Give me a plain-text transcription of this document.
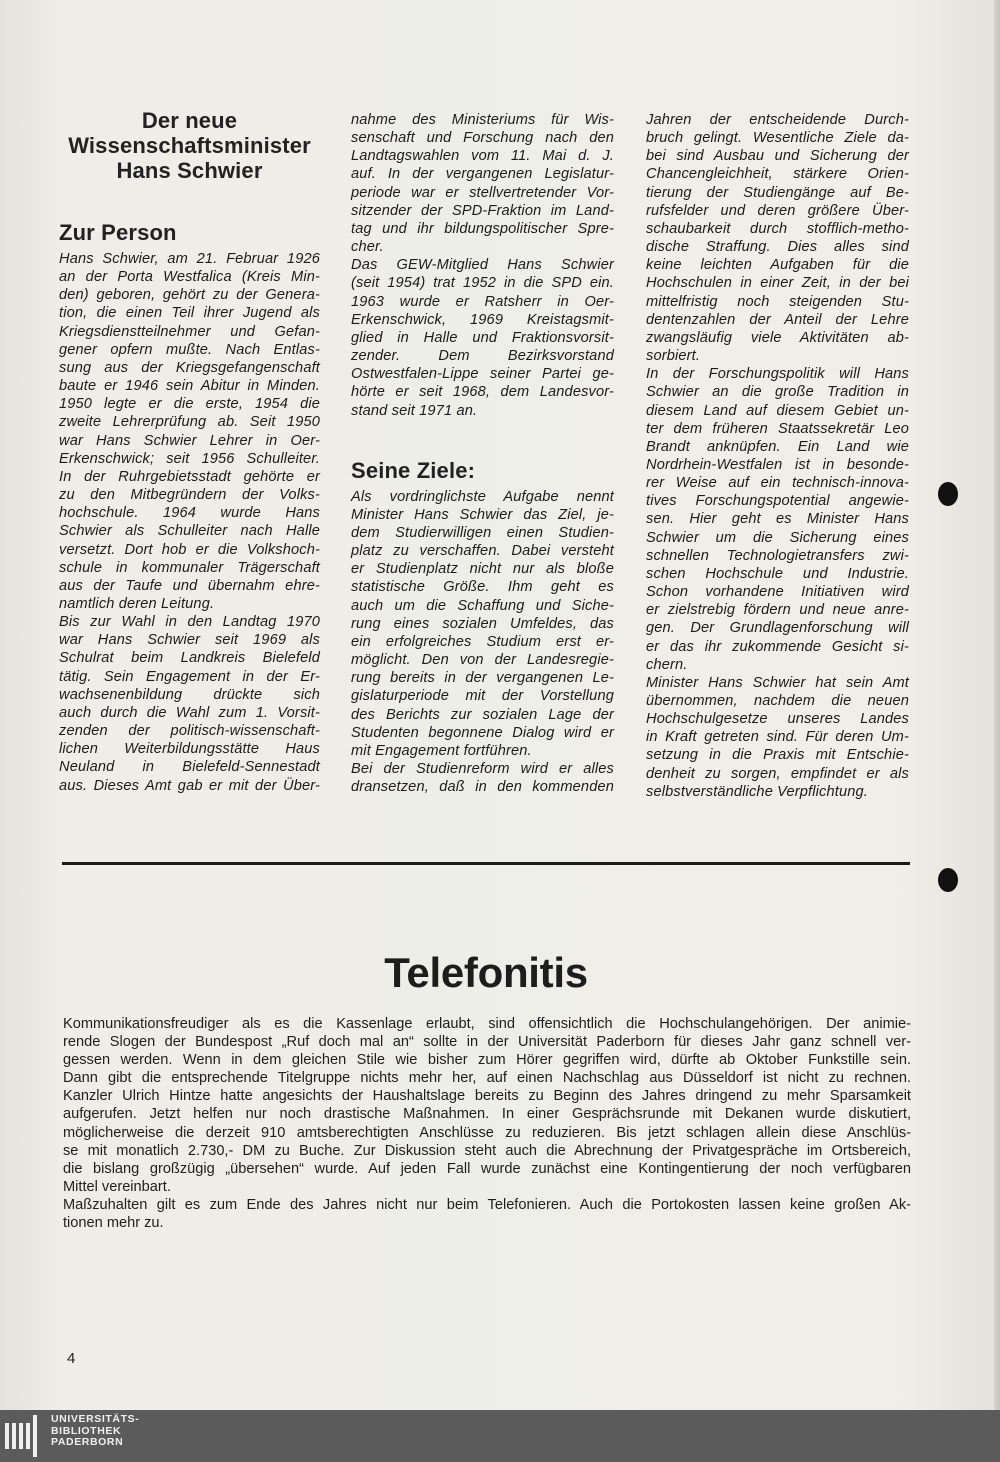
Der neue
Wissenschaftsminister
Hans Schwier
Zur Person
Hans Schwier, am 21. Februar 1926
an der Porta Westfalica (Kreis Min-
den) geboren, gehört zu der Genera-
tion, die einen Teil ihrer Jugend als
Kriegsdienstteilnehmer und Gefan-
gener opfern mußte. Nach Entlas-
sung aus der Kriegsgefangenschaft
baute er 1946 sein Abitur in Minden.
1950 legte er die erste, 1954 die
zweite Lehrerprüfung ab. Seit 1950
war Hans Schwier Lehrer in Oer-
Erkenschwick; seit 1956 Schulleiter.
In der Ruhrgebietsstadt gehörte er
zu den Mitbegründern der Volks-
hochschule. 1964 wurde Hans
Schwier als Schulleiter nach Halle
versetzt. Dort hob er die Volkshoch-
schule in kommunaler Trägerschaft
aus der Taufe und übernahm ehre-
namtlich deren Leitung.
Bis zur Wahl in den Landtag 1970
war Hans Schwier seit 1969 als
Schulrat beim Landkreis Bielefeld
tätig. Sein Engagement in der Er-
wachsenenbildung drückte sich
auch durch die Wahl zum 1. Vorsit-
zenden der politisch-wissenschaft-
lichen Weiterbildungsstätte Haus
Neuland in Bielefeld-Sennestadt
aus. Dieses Amt gab er mit der Über-
nahme des Ministeriums für Wis-
senschaft und Forschung nach den
Landtagswahlen vom 11. Mai d. J.
auf. In der vergangenen Legislatur-
periode war er stellvertretender Vor-
sitzender der SPD-Fraktion im Land-
tag und ihr bildungspolitischer Spre-
cher.
Das GEW-Mitglied Hans Schwier
(seit 1954) trat 1952 in die SPD ein.
1963 wurde er Ratsherr in Oer-
Erkenschwick, 1969 Kreistagsmit-
glied in Halle und Fraktionsvorsit-
zender. Dem Bezirksvorstand
Ostwestfalen-Lippe seiner Partei ge-
hörte er seit 1968, dem Landesvor-
stand seit 1971 an.
Seine Ziele:
Als vordringlichste Aufgabe nennt
Minister Hans Schwier das Ziel, je-
dem Studierwilligen einen Studien-
platz zu verschaffen. Dabei versteht
er Studienplatz nicht nur als bloße
statistische Größe. Ihm geht es
auch um die Schaffung und Siche-
rung eines sozialen Umfeldes, das
ein erfolgreiches Studium erst er-
möglicht. Den von der Landesregie-
rung bereits in der vergangenen Le-
gislaturperiode mit der Vorstellung
des Berichts zur sozialen Lage der
Studenten begonnene Dialog wird er
mit Engagement fortführen.
Bei der Studienreform wird er alles
dransetzen, daß in den kommenden
Jahren der entscheidende Durch-
bruch gelingt. Wesentliche Ziele da-
bei sind Ausbau und Sicherung der
Chancengleichheit, stärkere Orien-
tierung der Studiengänge auf Be-
rufsfelder und deren größere Über-
schaubarkeit durch stofflich-metho-
dische Straffung. Dies alles sind
keine leichten Aufgaben für die
Hochschulen in einer Zeit, in der bei
mittelfristig noch steigenden Stu-
dentenzahlen der Anteil der Lehre
zwangsläufig viele Aktivitäten ab-
sorbiert.
In der Forschungspolitik will Hans
Schwier an die große Tradition in
diesem Land auf diesem Gebiet un-
ter dem früheren Staatssekretär Leo
Brandt anknüpfen. Ein Land wie
Nordrhein-Westfalen ist in besonde-
rer Weise auf ein technisch-innova-
tives Forschungspotential angewie-
sen. Hier geht es Minister Hans
Schwier um die Sicherung eines
schnellen Technologietransfers zwi-
schen Hochschule und Industrie.
Schon vorhandene Initiativen wird
er zielstrebig fördern und neue anre-
gen. Der Grundlagenforschung will
er das ihr zukommende Gesicht si-
chern.
Minister Hans Schwier hat sein Amt
übernommen, nachdem die neuen
Hochschulgesetze unseres Landes
in Kraft getreten sind. Für deren Um-
setzung in die Praxis mit Entschie-
denheit zu sorgen, empfindet er als
selbstverständliche Verpflichtung.
Telefonitis
Kommunikationsfreudiger als es die Kassenlage erlaubt, sind offensichtlich die Hochschulangehörigen. Der animie-
rende Slogen der Bundespost „Ruf doch mal an“ sollte in der Universität Paderborn für dieses Jahr ganz schnell ver-
gessen werden. Wenn in dem gleichen Stile wie bisher zum Hörer gegriffen wird, dürfte ab Oktober Funkstille sein.
Dann gibt die entsprechende Titelgruppe nichts mehr her, auf einen Nachschlag aus Düsseldorf ist nicht zu rechnen.
Kanzler Ulrich Hintze hatte angesichts der Haushaltslage bereits zu Beginn des Jahres dringend zu mehr Sparsamkeit
aufgerufen. Jetzt helfen nur noch drastische Maßnahmen. In einer Gesprächsrunde mit Dekanen wurde diskutiert,
möglicherweise die derzeit 910 amtsberechtigten Anschlüsse zu reduzieren. Bis jetzt schlagen allein diese Anschlüs-
se mit monatlich 2.730,- DM zu Buche. Zur Diskussion steht auch die Abrechnung der Privatgespräche im Ortsbereich,
die bislang großzügig „übersehen“ wurde. Auf jeden Fall wurde zunächst eine Kontingentierung der noch verfügbaren
Mittel vereinbart.
Maßzuhalten gilt es zum Ende des Jahres nicht nur beim Telefonieren. Auch die Portokosten lassen keine großen Ak-
tionen mehr zu.
4
UNIVERSITÄTS-
BIBLIOTHEK
PADERBORN
